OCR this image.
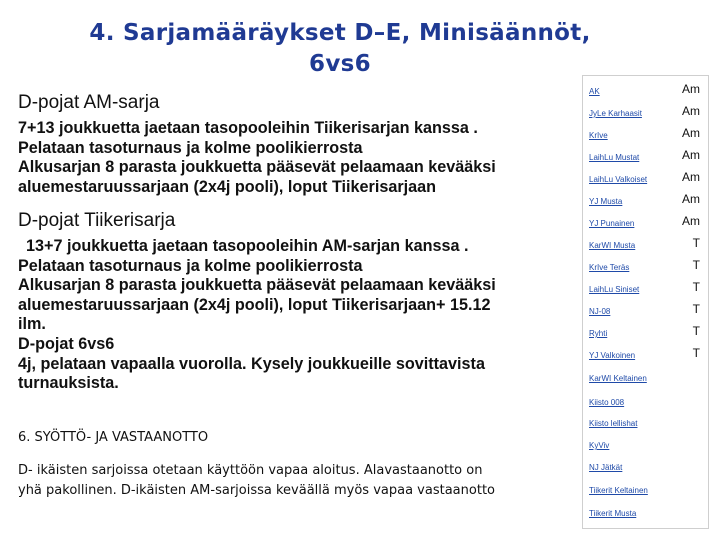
4. Sarjamääräykset D–E, Minisäännöt,
6vs6
D-pojat AM-sarja
7+13 joukkuetta jaetaan tasopooleihin Tiikerisarjan kanssa .
Pelataan tasoturnaus ja kolme poolikierrosta
Alkusarjan 8 parasta joukkuetta pääsevät pelaamaan kevääksi
aluemestaruussarjaan (2x4j pooli), loput Tiikerisarjaan
D-pojat Tiikerisarja
13+7 joukkuetta jaetaan tasopooleihin AM-sarjan kanssa .
Pelataan tasoturnaus ja kolme poolikierrosta
Alkusarjan 8 parasta joukkuetta pääsevät pelaamaan kevääksi
aluemestaruussarjaan (2x4j pooli), loput Tiikerisarjaan+ 15.12
ilm.
D-pojat 6vs6
4j, pelataan vapaalla vuorolla. Kysely joukkueille sovittavista
turnauksista.
6. SYÖTTÖ- JA VASTAANOTTO
D- ikäisten sarjoissa otetaan käyttöön vapaa aloitus. Alavastaanotto on
yhä pakollinen. D-ikäisten AM-sarjoissa keväällä myös vapaa vastaanotto
AK	Am
JyLe Karhaasit	Am
KrIve	Am
LaihLu Mustat	Am
LaihLu Valkoiset	Am
YJ Musta	Am
YJ Punainen	Am
KarWI Musta	T
KrIve Teräs	T
LaihLu Siniset	T
NJ-08	T
Ryhti	T
YJ Valkoinen	T
KarWI Keltainen
Kiisto 008
Kiisto lellishat
KyViv
NJ Jätkät
Tiikerit Keltainen
Tiikerit Musta
